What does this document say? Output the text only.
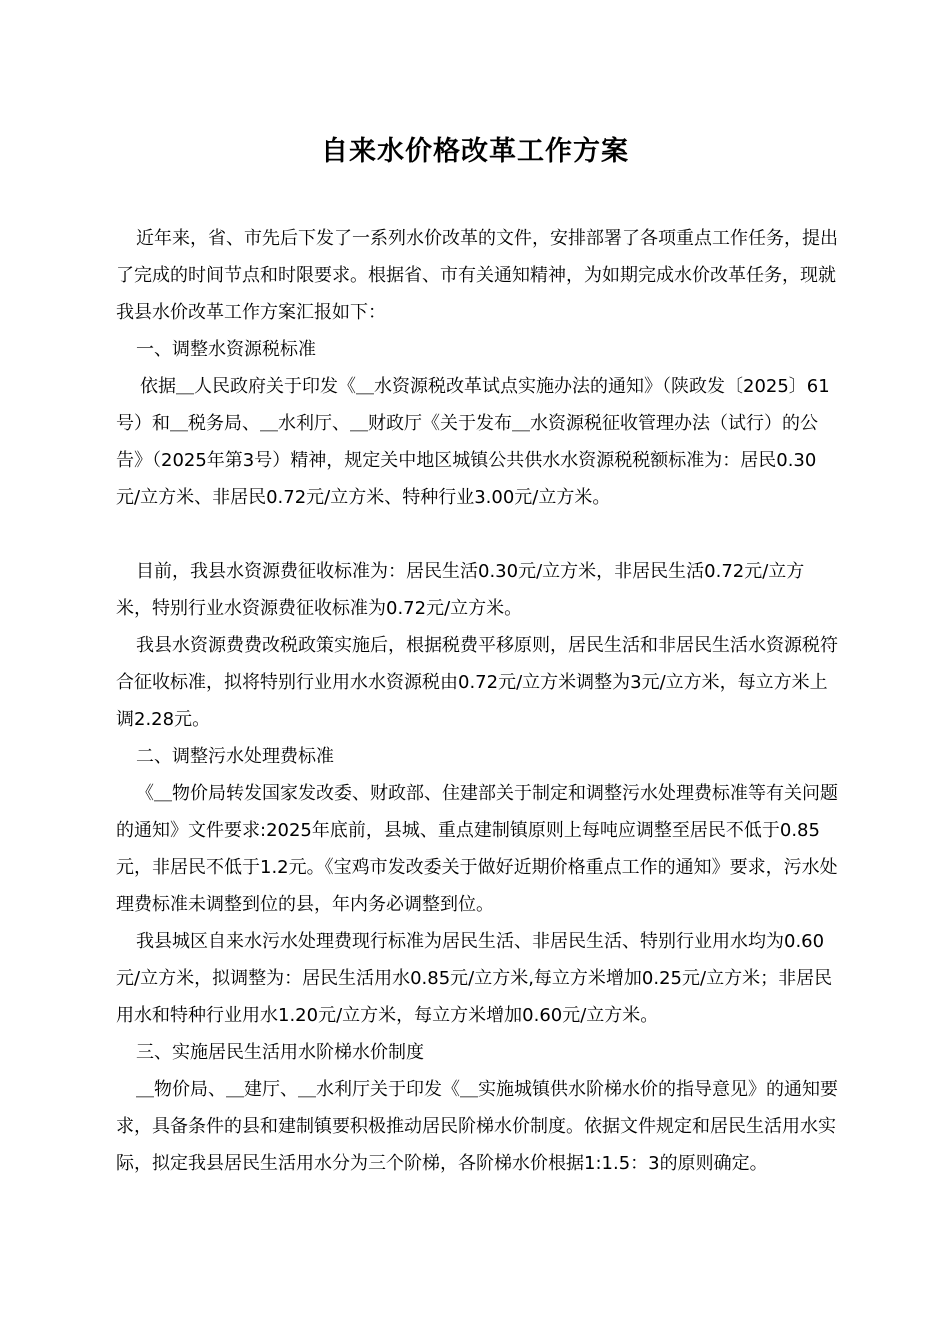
自来水价格改革工作方案

近年来，省、市先后下发了一系列水价改革的文件，安排部署了各项重点工作任务，提出了完成的时间节点和时限要求。根据省、市有关通知精神，为如期完成水价改革任务，现就我县水价改革工作方案汇报如下：

一、调整水资源税标准

依据＿人民政府关于印发《＿水资源税改革试点实施办法的通知》（陕政发〔2025〕61号）和＿税务局、＿水利厅、＿财政厅《关于发布＿水资源税征收管理办法（试行）的公告》（2025年第3号）精神，规定关中地区城镇公共供水水资源税税额标准为：居民0.30元/立方米、非居民0.72元/立方米、特种行业3.00元/立方米。

目前，我县水资源费征收标准为：居民生活0.30元/立方米，非居民生活0.72元/立方米，特别行业水资源费征收标准为0.72元/立方米。

我县水资源费费改税政策实施后，根据税费平移原则，居民生活和非居民生活水资源税符合征收标准，拟将特别行业用水水资源税由0.72元/立方米调整为3元/立方米，每立方米上调2.28元。

二、调整污水处理费标准

《＿物价局转发国家发改委、财政部、住建部关于制定和调整污水处理费标准等有关问题的通知》文件要求:2025年底前，县城、重点建制镇原则上每吨应调整至居民不低于0.85元，非居民不低于1.2元。《宝鸡市发改委关于做好近期价格重点工作的通知》要求，污水处理费标准未调整到位的县，年内务必调整到位。

我县城区自来水污水处理费现行标准为居民生活、非居民生活、特别行业用水均为0.60元/立方米，拟调整为：居民生活用水0.85元/立方米,每立方米增加0.25元/立方米；非居民用水和特种行业用水1.20元/立方米，每立方米增加0.60元/立方米。

三、实施居民生活用水阶梯水价制度

＿物价局、＿建厅、＿水利厅关于印发《＿实施城镇供水阶梯水价的指导意见》的通知要求，具备条件的县和建制镇要积极推动居民阶梯水价制度。依据文件规定和居民生活用水实际，拟定我县居民生活用水分为三个阶梯，各阶梯水价根据1:1.5：3的原则确定。
